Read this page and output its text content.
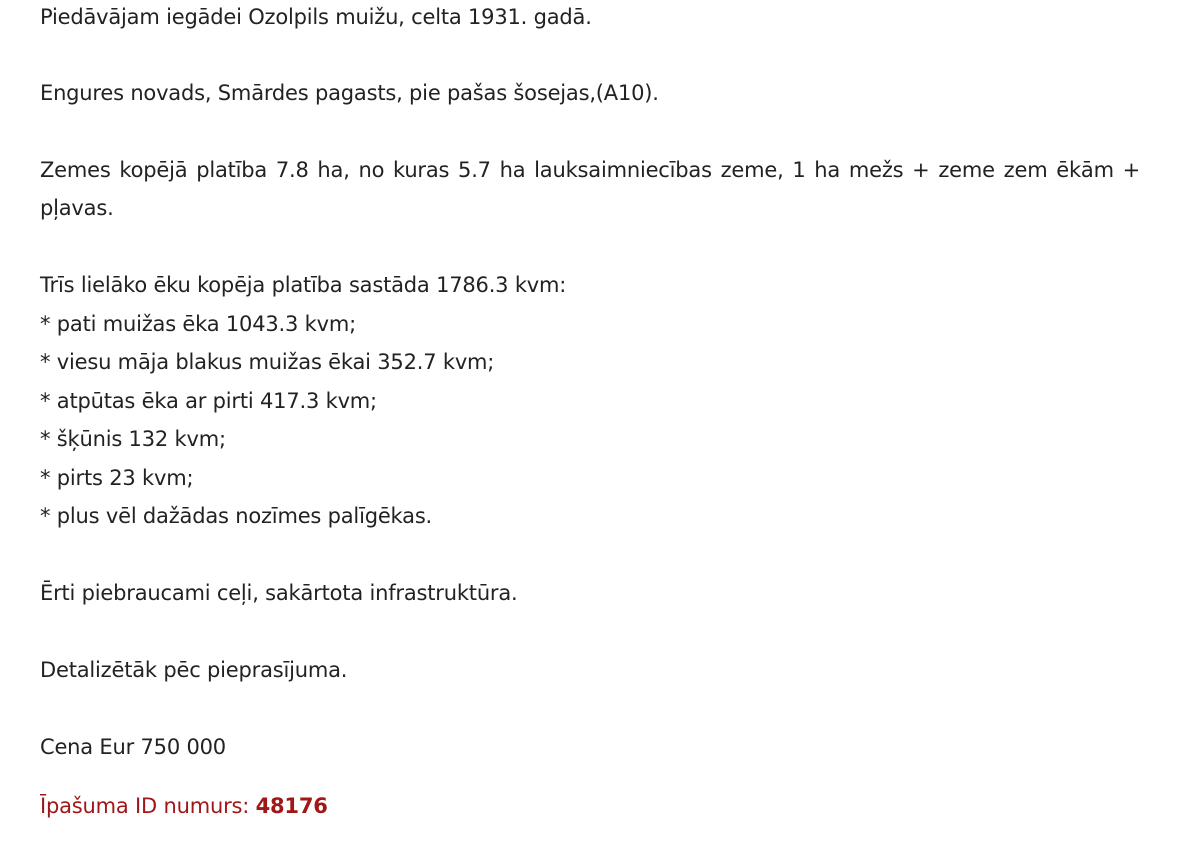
Piedāvājam iegādei Ozolpils muižu, celta 1931. gadā.
Engures novads, Smārdes pagasts, pie pašas šosejas,(A10).
Zemes kopējā platība 7.8 ha, no kuras 5.7 ha lauksaimniecības zeme, 1 ha mežs + zeme zem ēkām + pļavas.
Trīs lielāko ēku kopēja platība sastāda 1786.3 kvm:
* pati muižas ēka 1043.3 kvm;
* viesu māja blakus muižas ēkai 352.7 kvm;
* atpūtas ēka ar pirti 417.3 kvm;
* šķūnis 132 kvm;
* pirts 23 kvm;
* plus vēl dažādas nozīmes palīgēkas.
Ērti piebraucami ceļi, sakārtota infrastruktūra.
Detalizētāk pēc pieprasījuma.
Cena Eur 750 000
Īpašuma ID numurs: 48176
